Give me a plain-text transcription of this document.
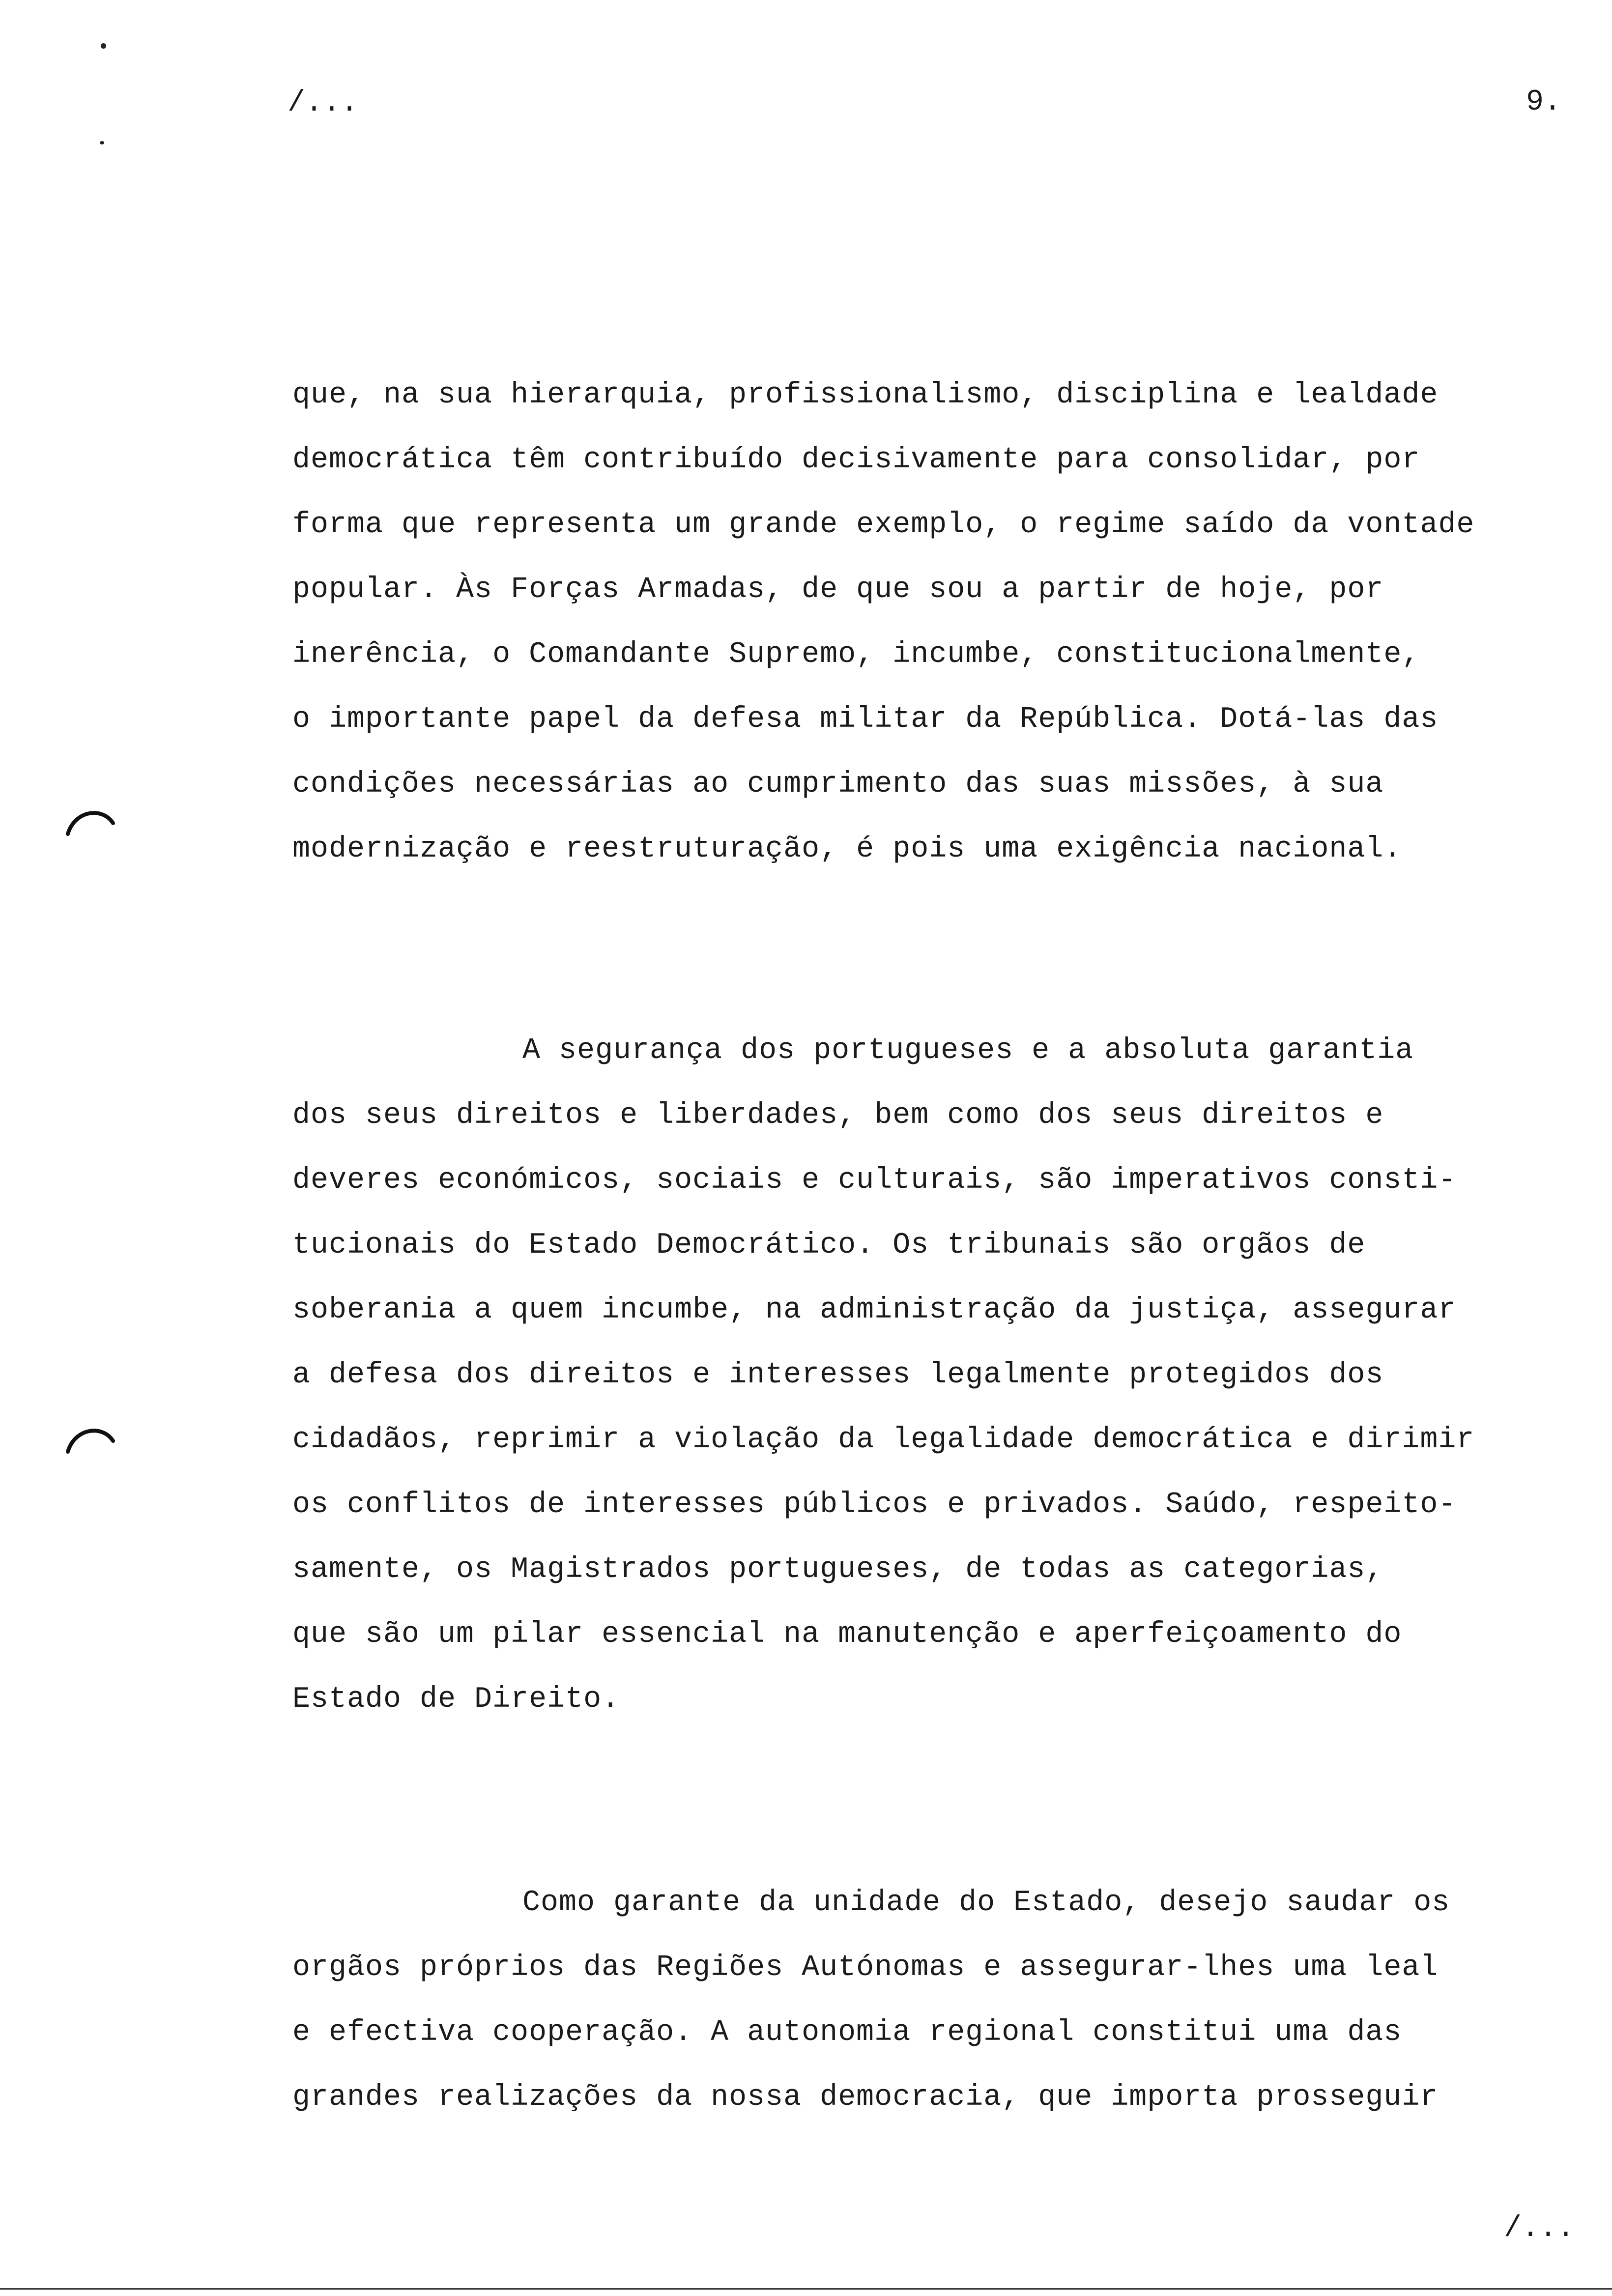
/...	9.
que, na sua hierarquia, profissionalismo, disciplina e lealdade
democrática têm contribuído decisivamente para consolidar, por
forma que representa um grande exemplo, o regime saído da vontade
popular. Às Forças Armadas, de que sou a partir de hoje, por
inerência, o Comandante Supremo, incumbe, constitucionalmente,
o importante papel da defesa militar da República. Dotá-las das
condições necessárias ao cumprimento das suas missões, à sua
modernização e reestruturação, é pois uma exigência nacional.
A segurança dos portugueses e a absoluta garantia
dos seus direitos e liberdades, bem como dos seus direitos e
deveres económicos, sociais e culturais, são imperativos consti-
tucionais do Estado Democrático. Os tribunais são orgãos de
soberania a quem incumbe, na administração da justiça, assegurar
a defesa dos direitos e interesses legalmente protegidos dos
cidadãos, reprimir a violação da legalidade democrática e dirimir
os conflitos de interesses públicos e privados. Saúdo, respeito-
samente, os Magistrados portugueses, de todas as categorias,
que são um pilar essencial na manutenção e aperfeiçoamento do
Estado de Direito.
Como garante da unidade do Estado, desejo saudar os
orgãos próprios das Regiões Autónomas e assegurar-lhes uma leal
e efectiva cooperação. A autonomia regional constitui uma das
grandes realizações da nossa democracia, que importa prosseguir
/...
